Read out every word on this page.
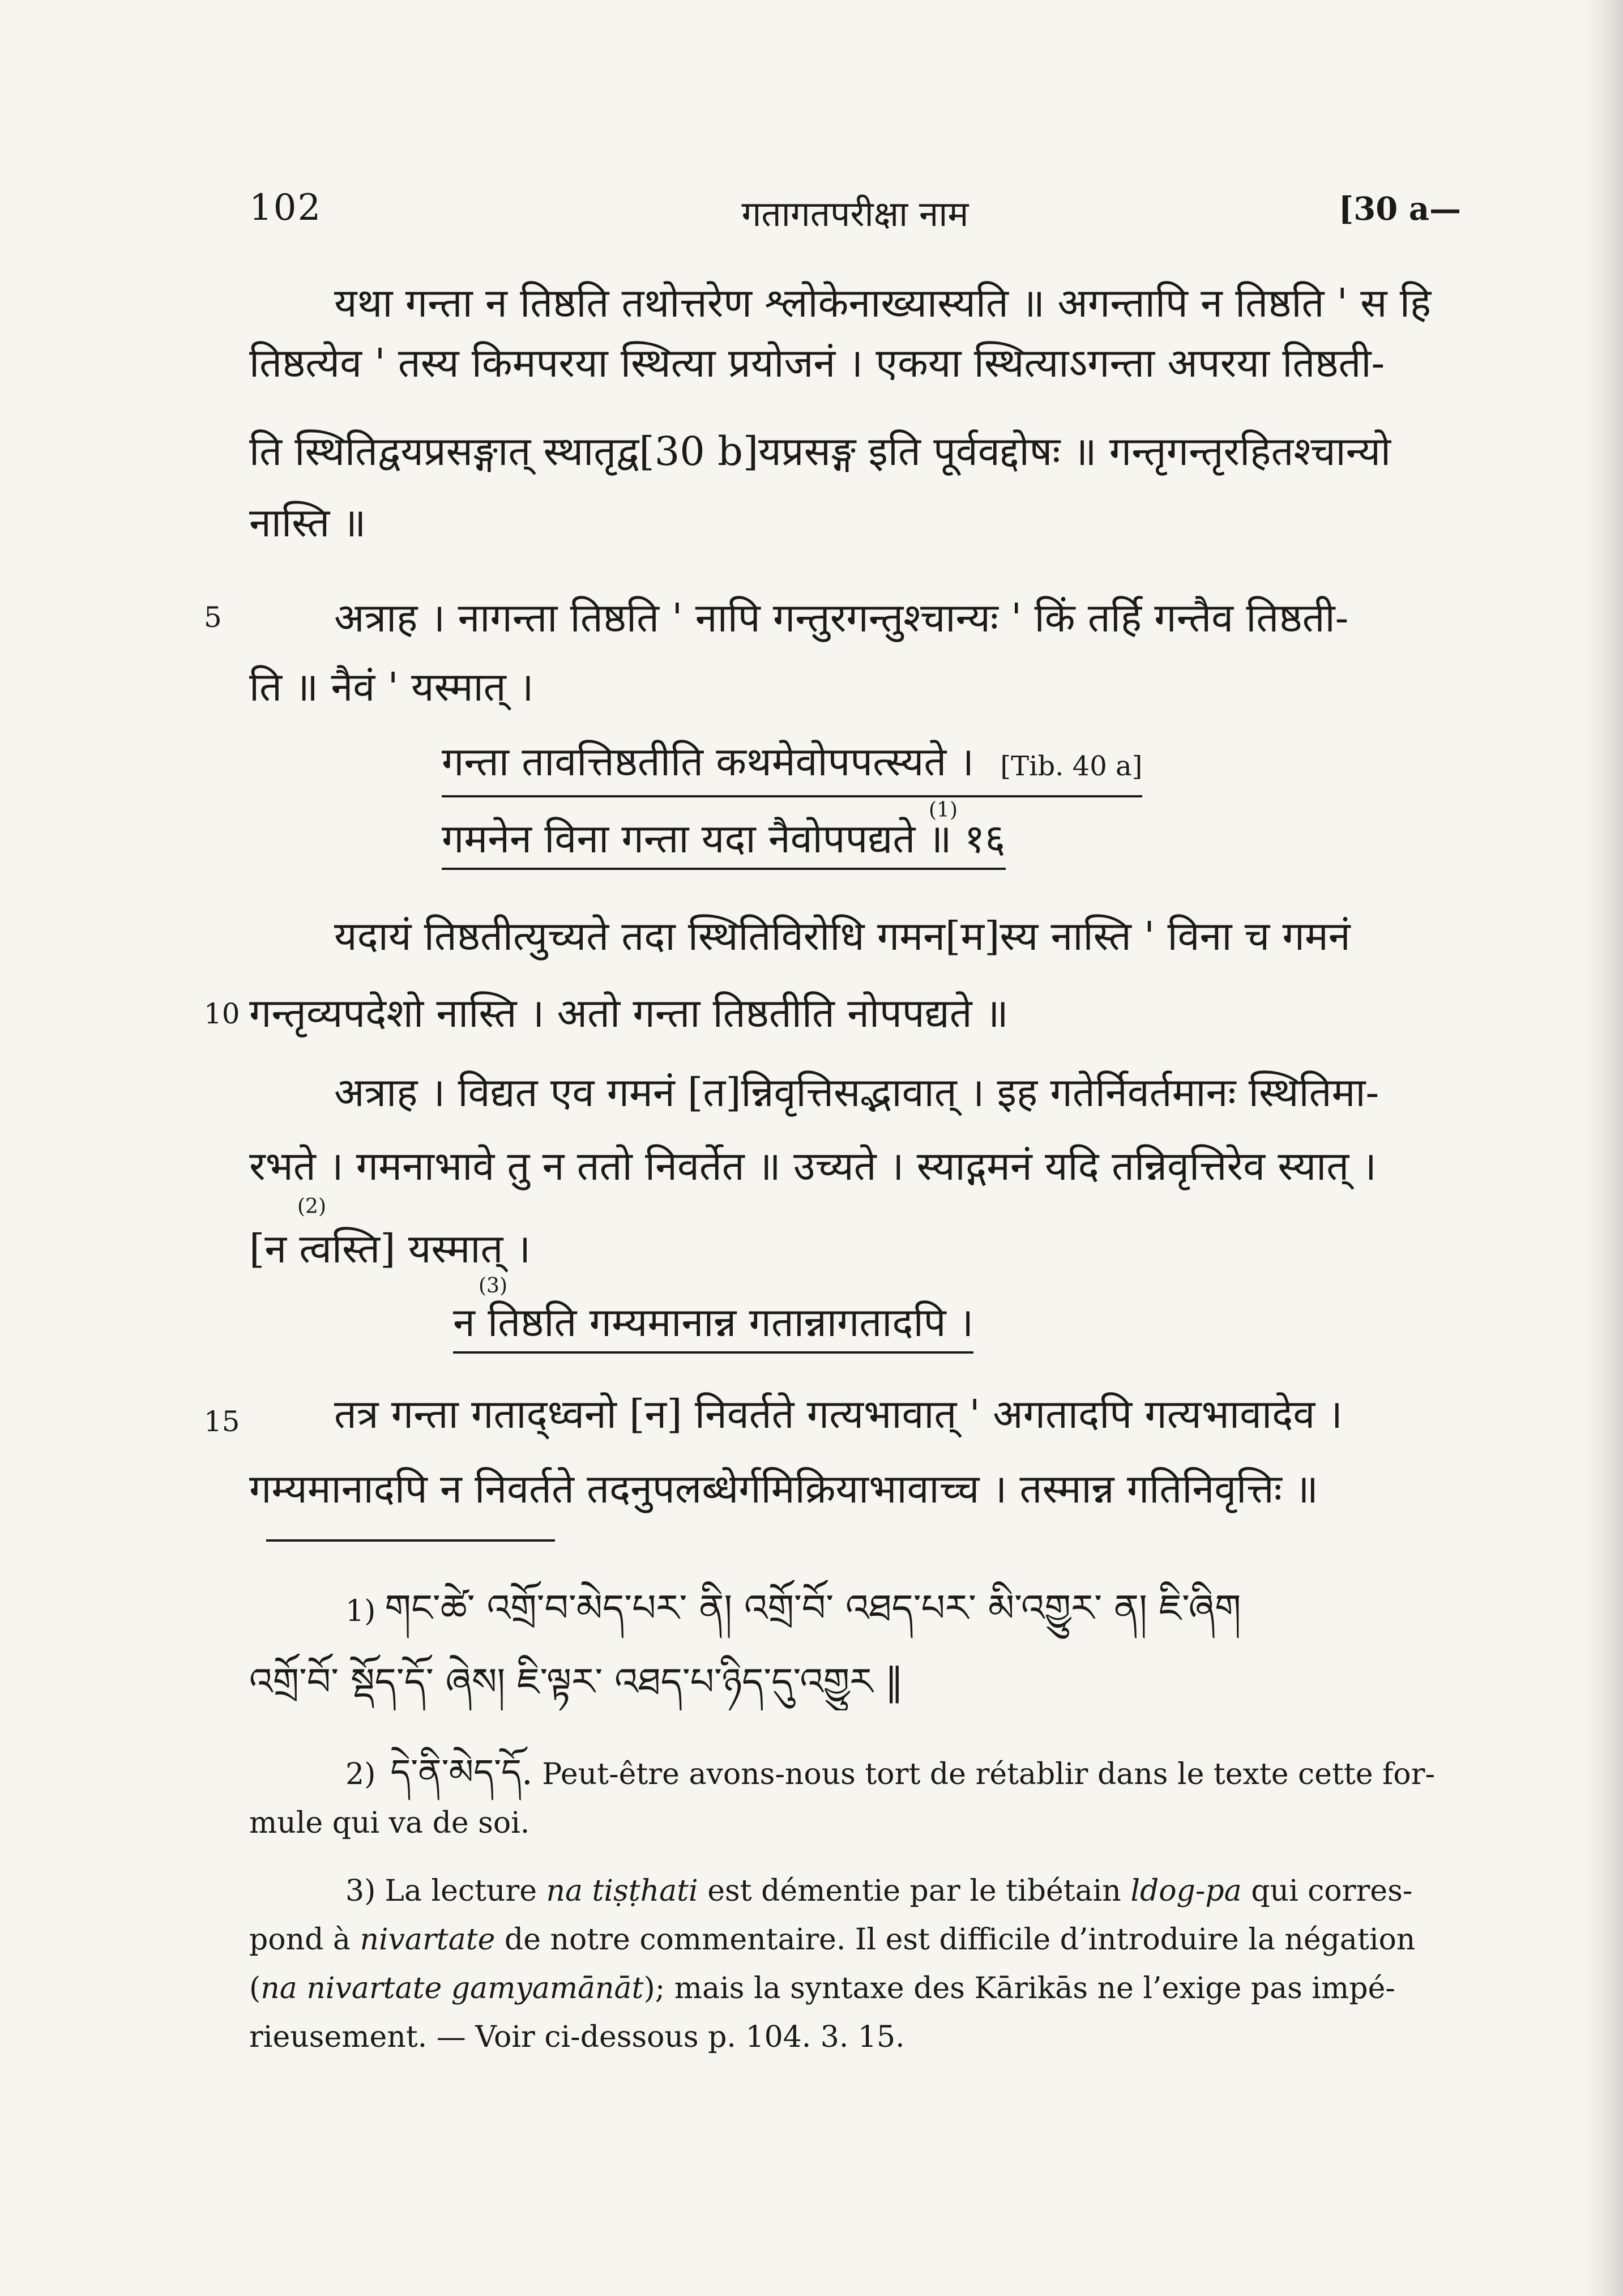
102	गतागतपरीक्षा नाम	[30 a—
यथा गन्ता न तिष्ठति तथोत्तरेण श्लोकेनाख्यास्यति ॥ अगन्तापि न तिष्ठति ' स हि
तिष्ठत्येव ' तस्य किमपरया स्थित्या प्रयोजनं । एकया स्थित्याऽगन्ता अपरया तिष्ठती-
ति स्थितिद्वयप्रसङ्गात् स्थातृद्व[30 b]यप्रसङ्ग इति पूर्ववद्दोषः ॥ गन्तृगन्तृरहितश्चान्यो
नास्ति ॥
5	अत्राह । नागन्ता तिष्ठति ' नापि गन्तुरगन्तुश्चान्यः ' किं तर्हि गन्तैव तिष्ठती-
ति ॥ नैवं ' यस्मात् ।
गन्ता तावत्तिष्ठतीति कथमेवोपपत्स्यते । [Tib. 40 a]
गमनेन विना गन्ता यदा नैवोपपद्यते ॥ १६
(1)
यदायं तिष्ठतीत्युच्यते तदा स्थितिविरोधि गमन[म]स्य नास्ति ' विना च गमनं
10 गन्तृव्यपदेशो नास्ति । अतो गन्ता तिष्ठतीति नोपपद्यते ॥
अत्राह । विद्यत एव गमनं [त]न्निवृत्तिसद्भावात् । इह गतेर्निवर्तमानः स्थितिमा-
रभते । गमनाभावे तु न ततो निवर्तेत ॥ उच्यते । स्याद्गमनं यदि तन्निवृत्तिरेव स्यात् ।
(2)
[न त्वस्ति] यस्मात् ।
(3)
न तिष्ठति गम्यमानान्न गतान्नागतादपि ।
15 तत्र गन्ता गताद्ध्वनो [न] निवर्तते गत्यभावात् ' अगतादपि गत्यभावादेव ।
गम्यमानादपि न निवर्तते तदनुपलब्धेर्गमिक्रियाभावाच्च । तस्मान्न गतिनिवृत्तिः ॥
1) གང་ཚེ་ འགྲོ་བ་མེད་པར་ ནི། འགྲོ་བོ་ འཐད་པར་ མི་འགྱུར་ ན། ཇི་ཞིག
འགྲོ་བོ་ སྡོད་དོ་ ཞེས། ཇི་ལྟར་ འཐད་པ་ཉིད་དུ་འགྱུར ‖
2) དེ་ནི་མེད་དོ. Peut-être avons-nous tort de rétablir dans le texte cette for-
mule qui va de soi.
3) La lecture na tiṣṭhati est démentie par le tibétain ldog-pa qui corres-
pond à nivartate de notre commentaire. Il est difficile d’introduire la négation
(na nivartate gamyamānāt); mais la syntaxe des Kārikās ne l’exige pas impé-
rieusement. — Voir ci-dessous p. 104. 3. 15.
